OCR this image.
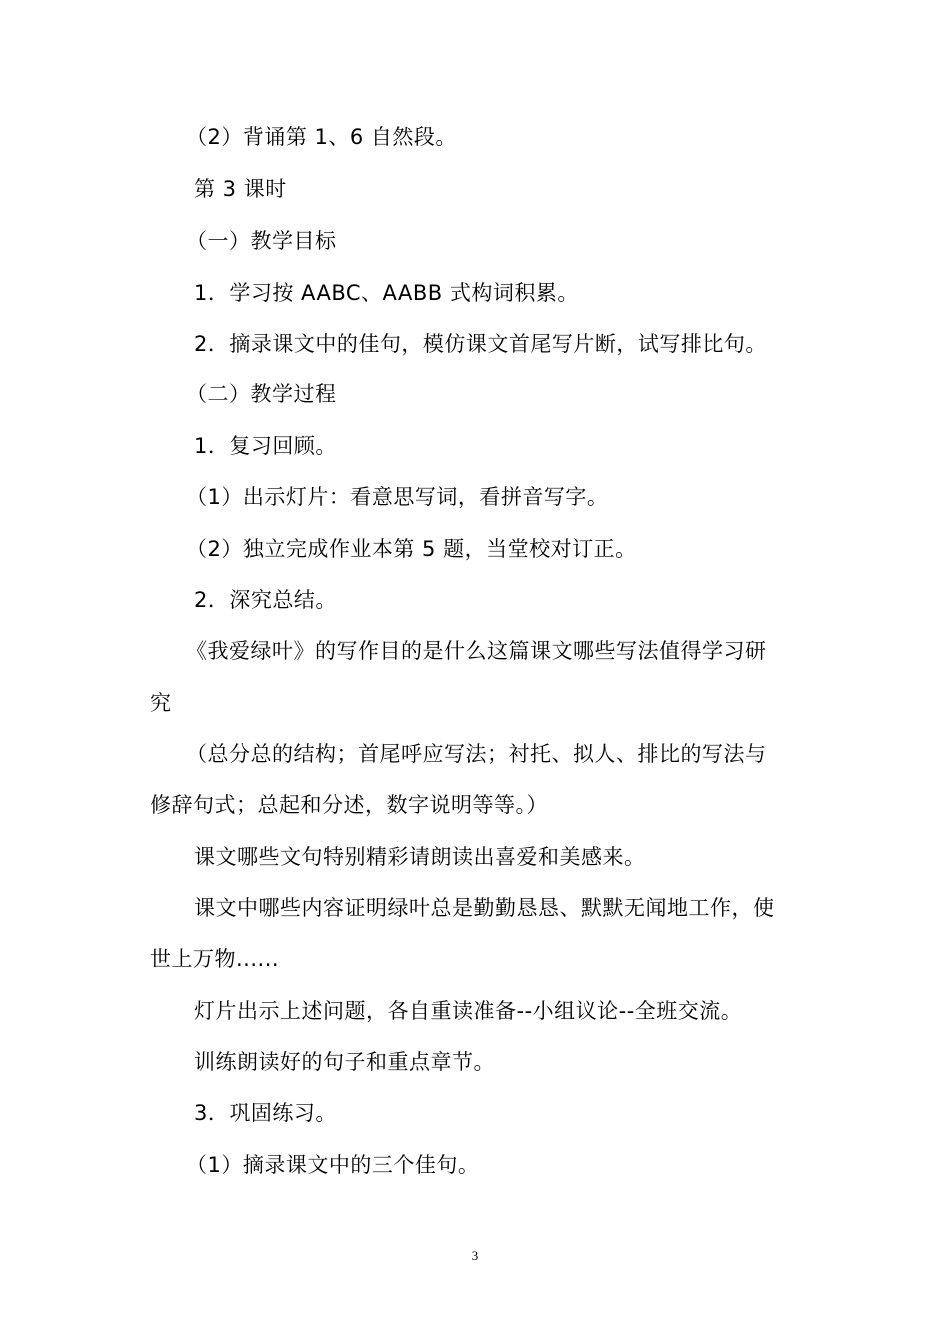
（2）背诵第 1、6 自然段。
第 3 课时
（一）教学目标
1．学习按 AABC、AABB 式构词积累。
2．摘录课文中的佳句，模仿课文首尾写片断，试写排比句。
（二）教学过程
1．复习回顾。
（1）出示灯片：看意思写词，看拼音写字。
（2）独立完成作业本第 5 题，当堂校对订正。
2．深究总结。
《我爱绿叶》的写作目的是什么这篇课文哪些写法值得学习研
究
（总分总的结构；首尾呼应写法；衬托、拟人、排比的写法与
修辞句式；总起和分述，数字说明等等。）
课文哪些文句特别精彩请朗读出喜爱和美感来。
课文中哪些内容证明绿叶总是勤勤恳恳、默默无闻地工作，使
世上万物......
灯片出示上述问题，各自重读准备--小组议论--全班交流。
训练朗读好的句子和重点章节。
3．巩固练习。
（1）摘录课文中的三个佳句。
3
